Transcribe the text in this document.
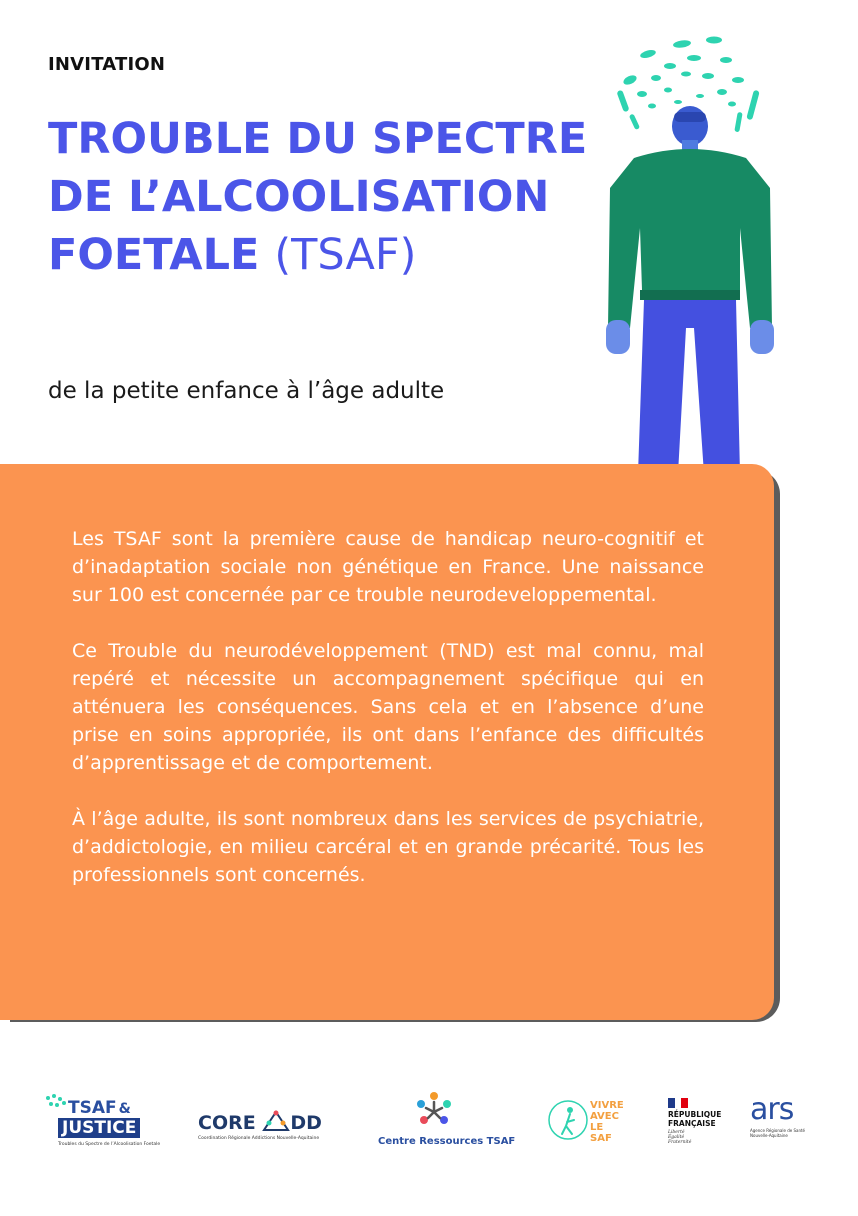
INVITATION
TROUBLE DU SPECTRE DE L’ALCOOLISATION FOETALE (TSAF)

de la petite enfance à l’âge adulte

Les TSAF sont la première cause de handicap neuro-cognitif et d’inadaptation sociale non génétique en France. Une naissance sur 100 est concernée par ce trouble neurodeveloppemental.

Ce Trouble du neurodéveloppement (TND) est mal connu, mal repéré et nécessite un accompagnement spécifique qui en atténuera les conséquences. Sans cela et en l’absence d’une prise en soins appropriée, ils ont dans l’enfance des difficultés d’apprentissage et de comportement.

À l’âge adulte, ils sont nombreux dans les services de psychiatrie, d’addictologie, en milieu carcéral et en grande précarité. Tous les professionnels sont concernés.

TSAF &
JUSTICE
Troubles du Spectre de l’Alcoolisation Foetale
CORE DD
Coordination Régionale Addictions Nouvelle-Aquitaine	Centre Ressources TSAF
VIVRE
AVEC
LE SAF
RÉPUBLIQUE
FRANÇAISE
Liberté
Égalité
Fraternité
ars
Agence Régionale de Santé
Nouvelle-Aquitaine
